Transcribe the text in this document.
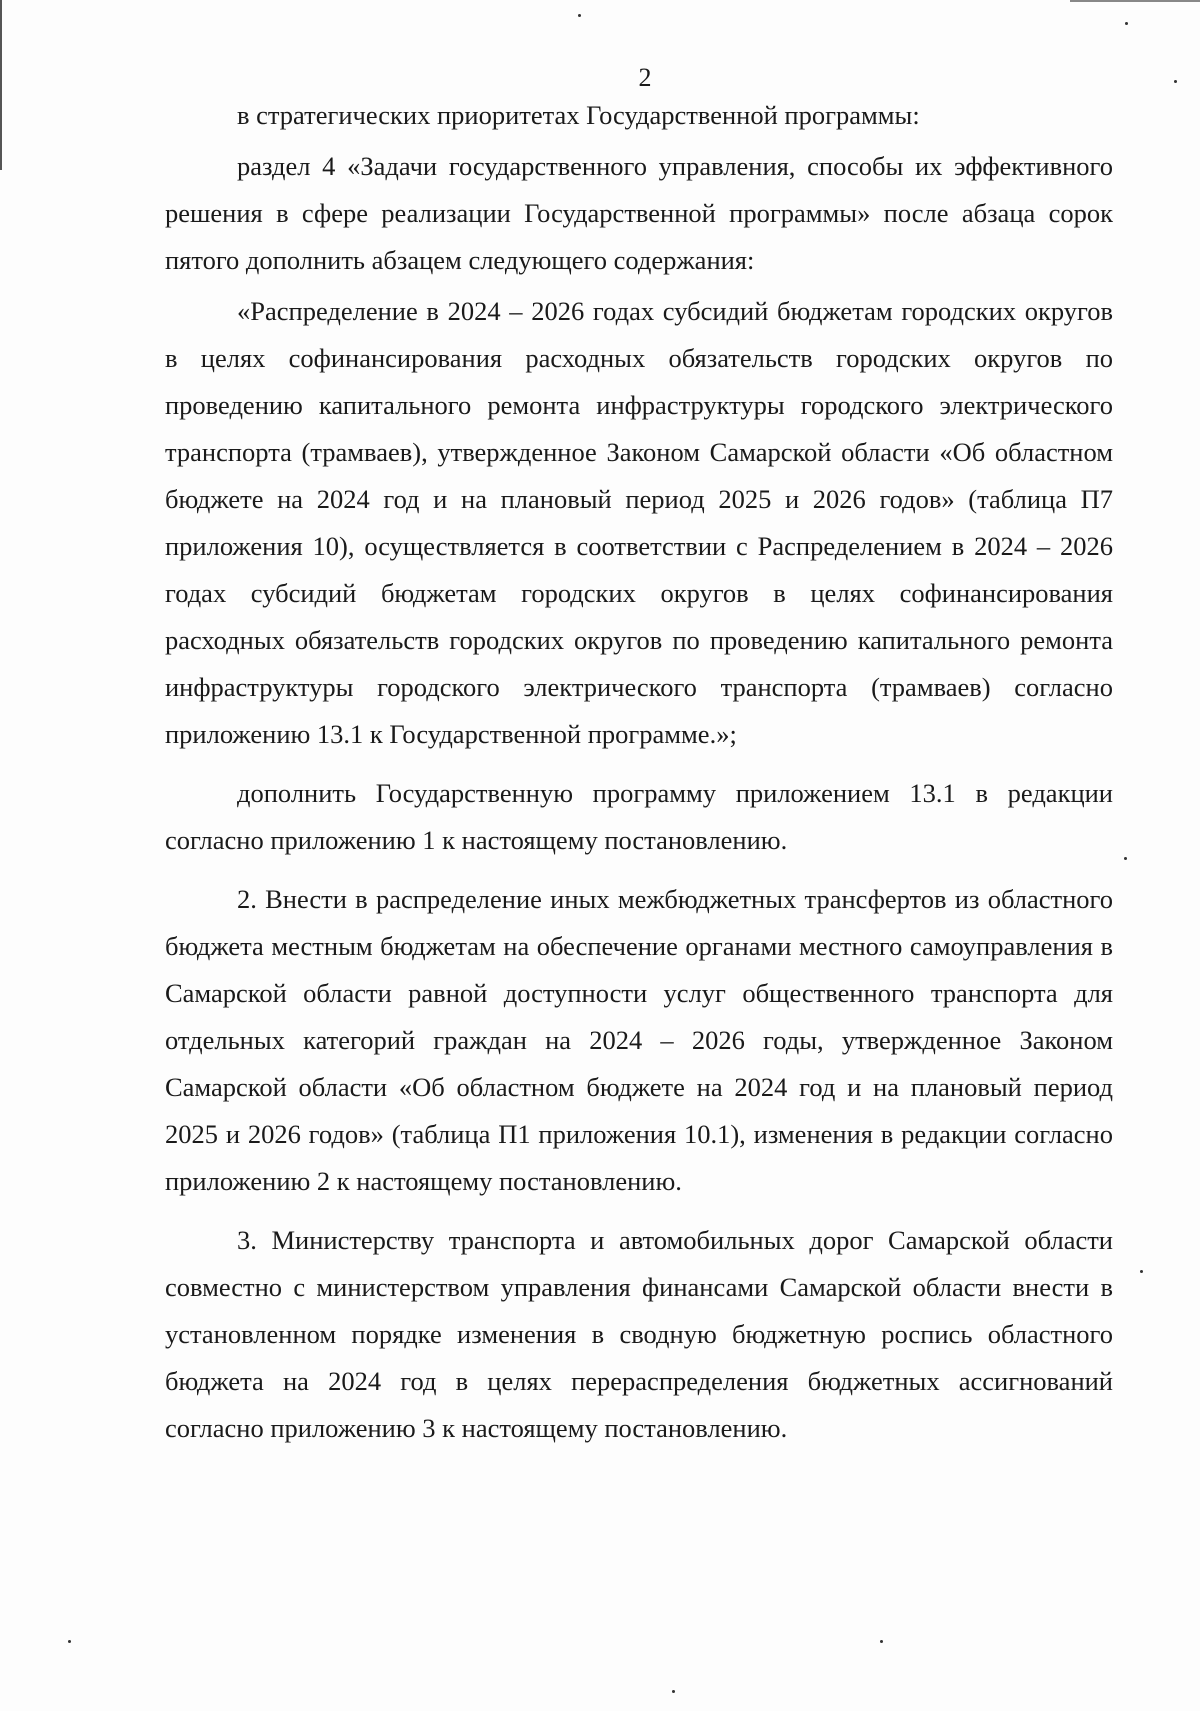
2

в стратегических приоритетах Государственной программы:

раздел 4 «Задачи государственного управления, способы их эффективного решения в сфере реализации Государственной программы» после абзаца сорок пятого дополнить абзацем следующего содержания:

«Распределение в 2024 – 2026 годах субсидий бюджетам городских округов в целях софинансирования расходных обязательств городских округов по проведению капитального ремонта инфраструктуры городского электрического транспорта (трамваев), утвержденное Законом Самарской области «Об областном бюджете на 2024 год и на плановый период 2025 и 2026 годов» (таблица П7 приложения 10), осуществляется в соответствии с Распределением в 2024 – 2026 годах субсидий бюджетам городских округов в целях софинансирования расходных обязательств городских округов по проведению капитального ремонта инфраструктуры городского электрического транспорта (трамваев) согласно приложению 13.1 к Государственной программе.»;

дополнить Государственную программу приложением 13.1 в редакции согласно приложению 1 к настоящему постановлению.

2. Внести в распределение иных межбюджетных трансфертов из областного бюджета местным бюджетам на обеспечение органами местного самоуправления в Самарской области равной доступности услуг общественного транспорта для отдельных категорий граждан на 2024 – 2026 годы, утвержденное Законом Самарской области «Об областном бюджете на 2024 год и на плановый период 2025 и 2026 годов» (таблица П1 приложения 10.1), изменения в редакции согласно приложению 2 к настоящему постановлению.

3. Министерству транспорта и автомобильных дорог Самарской области совместно с министерством управления финансами Самарской области внести в установленном порядке изменения в сводную бюджетную роспись областного бюджета на 2024 год в целях перераспределения бюджетных ассигнований согласно приложению 3 к настоящему постановлению.
